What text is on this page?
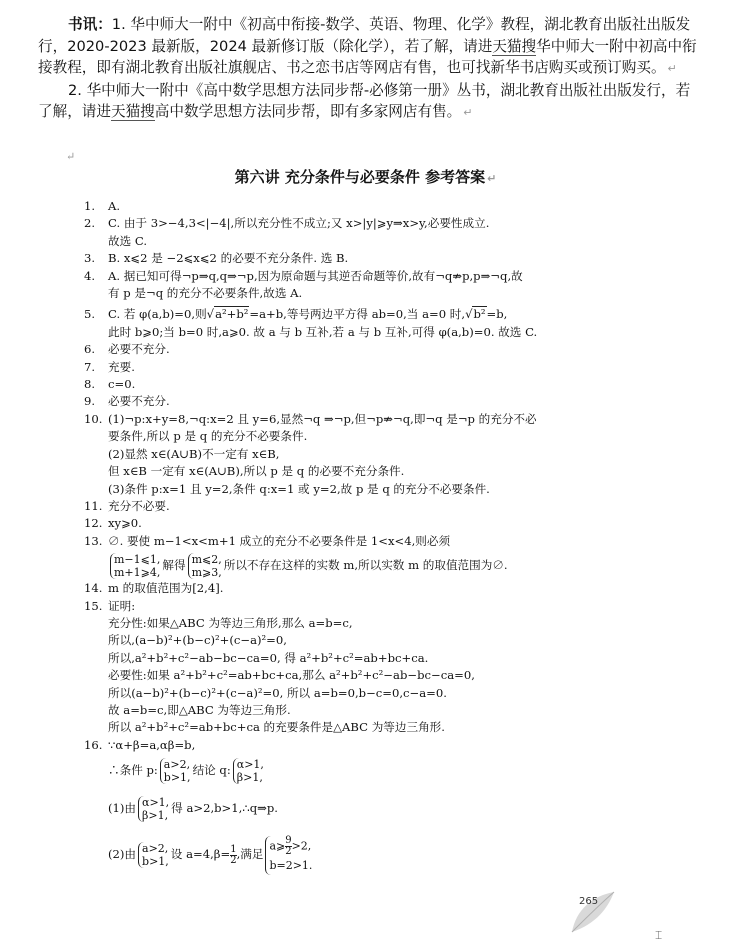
书讯：1. 华中师大一附中《初高中衔接-数学、英语、物理、化学》教程，湖北教育出版社出版发行，2020-2023 最新版，2024 最新修订版（除化学），若了解，请进天猫搜华中师大一附中初高中衔接教程，即有湖北教育出版社旗舰店、书之恋书店等网店有售，也可找新华书店购买或预订购买。 ↵

2. 华中师大一附中《高中数学思想方法同步帮-必修第一册》丛书，湖北教育出版社出版发行，若了解，请进天猫搜高中数学思想方法同步帮，即有多家网店有售。 ↵

↵
第六讲 充分条件与必要条件 参考答案 ↵
1.	A.
2.	C. 由于 3>−4,3<|−4|,所以充分性不成立;又 x>|y|⩾y⇒x>y,必要性成立.
故选 C.
3.	B. x⩽2 是 −2⩽x⩽2 的必要不充分条件. 选 B.
4.	A. 据已知可得¬p⇒q,q⇒¬p,因为原命题与其逆否命题等价,故有¬q⇏p,p⇒¬q,故
有 p 是¬q 的充分不必要条件,故选 A.
5.	C. 若 φ(a,b)=0,则√a²+b²=a+b,等号两边平方得 ab=0,当 a=0 时,√b²=b,
此时 b⩾0;当 b=0 时,a⩾0. 故 a 与 b 互补,若 a 与 b 互补,可得 φ(a,b)=0. 故选 C.
6.	必要不充分.
7.	充要.
8.	c=0.
9.	必要不充分.
10. (1)¬p:x+y=8,¬q:x=2 且 y=6,显然¬q ⇒¬p,但¬p⇏¬q,即¬q 是¬p 的充分不必
要条件,所以 p 是 q 的充分不必要条件.
(2)显然 x∈(A∪B)不一定有 x∈B,
但 x∈B 一定有 x∈(A∪B),所以 p 是 q 的必要不充分条件.
(3)条件 p:x=1 且 y=2,条件 q:x=1 或 y=2,故 p 是 q 的充分不必要条件.
11. 充分不必要.
12. xy⩾0.
13. ∅. 要使 m−1<x<m+1 成立的充分不必要条件是 1<x<4,则必须
m−1⩽1,
m+1⩾4,解得 m⩽2,
m⩾3,所以不存在这样的实数 m,所以实数 m 的取值范围为∅.
14. m 的取值范围为[2,4].
15. 证明:
充分性:如果△ABC 为等边三角形,那么 a=b=c,
所以,(a−b)²+(b−c)²+(c−a)²=0,
所以,a²+b²+c²−ab−bc−ca=0, 得 a²+b²+c²=ab+bc+ca.
必要性:如果 a²+b²+c²=ab+bc+ca,那么 a²+b²+c²−ab−bc−ca=0,
所以(a−b)²+(b−c)²+(c−a)²=0, 所以 a=b=0,b−c=0,c−a=0.
故 a=b=c,即△ABC 为等边三角形.
所以 a²+b²+c²=ab+bc+ca 的充要条件是△ABC 为等边三角形.
16. ∵α+β=a,αβ=b,
∴条件 p: a>2,
b>1,结论 q: α>1,
β>1,
(1)由 α>1,
β>1,得 a>2,b>1,∴q⇒p.
(2)由 a>2,
b>1,设 $a=4,\beta= \frac{1}{2}$ ,满足a⩾ $\frac{9}{2} >2$,
b=2>1.
265
⌶
